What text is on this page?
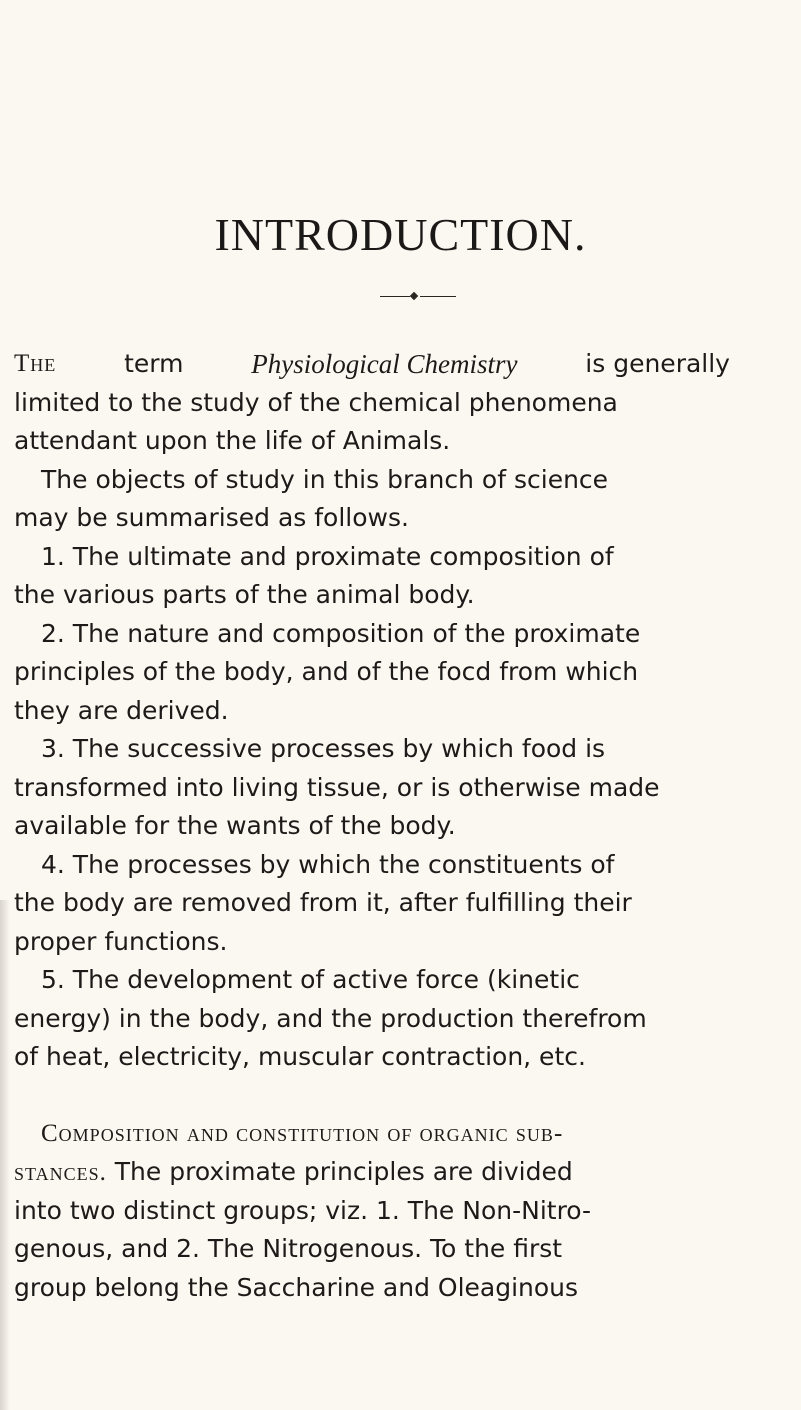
INTRODUCTION.
The	term	Physiological Chemistry	is generally
limited to the study of the chemical phenomena
attendant upon the life of Animals.
The objects of study in this branch of science
may be summarised as follows.
1. The ultimate and proximate composition of
the various parts of the animal body.
2. The nature and composition of the proximate
principles of the body, and of the focd from which
they are derived.
3. The successive processes by which food is
transformed into living tissue, or is otherwise made
available for the wants of the body.
4. The processes by which the constituents of
the body are removed from it, after fulfilling their
proper functions.
5. The development of active force (kinetic
energy) in the body, and the production therefrom
of heat, electricity, muscular contraction, etc.
Composition and constitution of organic sub-
stances. The proximate principles are divided
into two distinct groups; viz. 1. The Non-Nitro-
genous, and 2. The Nitrogenous. To the first
group belong the Saccharine and Oleaginous
